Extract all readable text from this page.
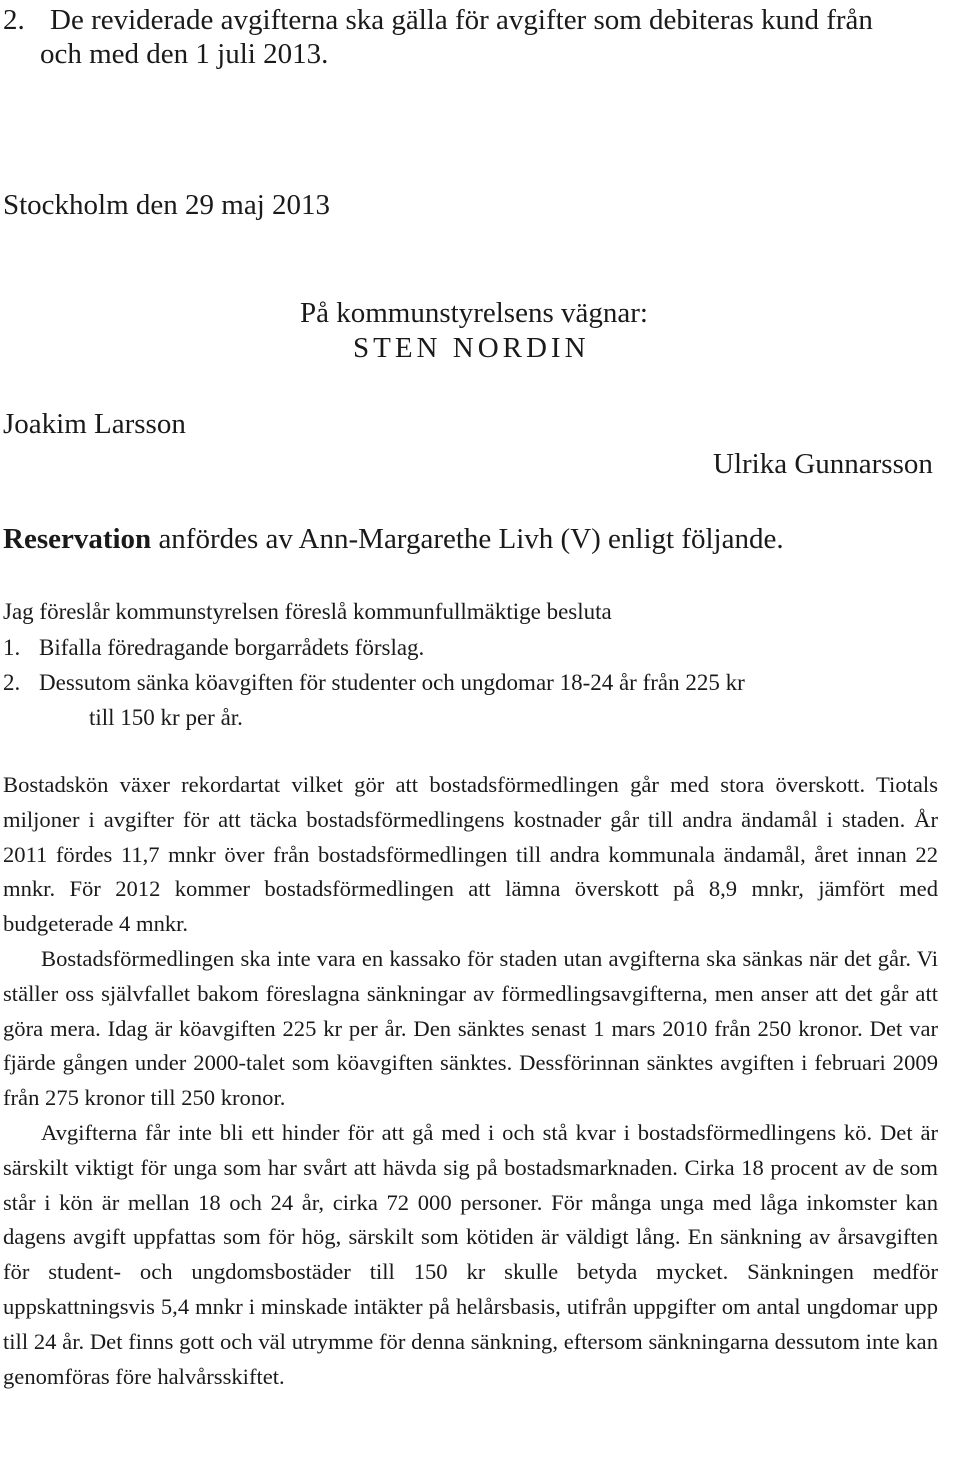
2. De reviderade avgifterna ska gälla för avgifter som debiteras kund från
och med den 1 juli 2013.
Stockholm den 29 maj 2013
På kommunstyrelsens vägnar:
STEN NORDIN
Joakim Larsson
Ulrika Gunnarsson
Reservation anfördes av Ann-Margarethe Livh (V) enligt följande.
Jag föreslår kommunstyrelsen föreslå kommunfullmäktige besluta
1. Bifalla föredragande borgarrådets förslag.
2. Dessutom sänka köavgiften för studenter och ungdomar 18-24 år från 225 kr
till 150 kr per år.

Bostadskön växer rekordartat vilket gör att bostadsförmedlingen går med stora överskott. Tiotals miljoner i avgifter för att täcka bostadsförmedlingens kostnader går till andra ändamål i staden. År 2011 fördes 11,7 mnkr över från bostadsförmedlingen till andra kommunala ändamål, året innan 22 mnkr. För 2012 kommer bostadsförmedlingen att lämna överskott på 8,9 mnkr, jämfört med budgeterade 4 mnkr.

Bostadsförmedlingen ska inte vara en kassako för staden utan avgifterna ska sänkas när det går. Vi ställer oss självfallet bakom föreslagna sänkningar av förmedlingsavgifterna, men anser att det går att göra mera. Idag är köavgiften 225 kr per år. Den sänktes senast 1 mars 2010 från 250 kronor. Det var fjärde gången under 2000-talet som köavgiften sänktes. Dessförinnan sänktes avgiften i februari 2009 från 275 kronor till 250 kronor.

Avgifterna får inte bli ett hinder för att gå med i och stå kvar i bostadsförmedlingens kö. Det är särskilt viktigt för unga som har svårt att hävda sig på bostadsmarknaden. Cirka 18 procent av de som står i kön är mellan 18 och 24 år, cirka 72 000 personer. För många unga med låga inkomster kan dagens avgift uppfattas som för hög, särskilt som kötiden är väldigt lång. En sänkning av årsavgiften för student- och ungdomsbostäder till 150 kr skulle betyda mycket. Sänkningen medför uppskattningsvis 5,4 mnkr i minskade intäkter på helårsbasis, utifrån uppgifter om antal ungdomar upp till 24 år. Det finns gott och väl utrymme för denna sänkning, eftersom sänkningarna dessutom inte kan genomföras före halvårsskiftet.
